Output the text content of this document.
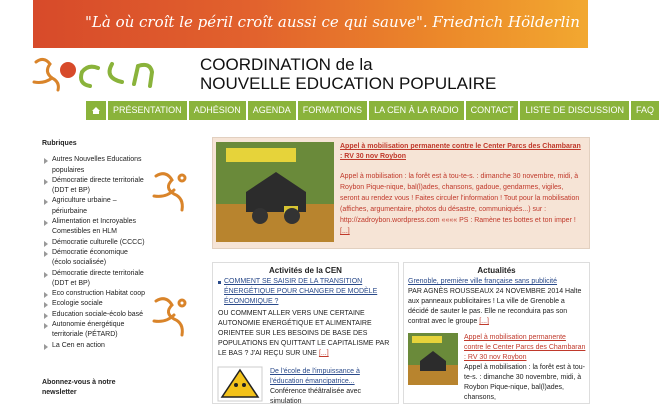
"Là où croît le péril croît aussi ce qui sauve". Friedrich Hölderlin
CEN
COORDINATION de la
NOUVELLE EDUCATION POPULAIRE
PRÉSENTATION	ADHÉSION	AGENDA	FORMATIONS	LA CEN À LA RADIO	CONTACT	LISTE DE DISCUSSION	FAQ
Rubriques
Autres Nouvelles Educations populaires
Démocratie directe territoriale (DDT et BP)
Agriculture urbaine – périurbaine
Alimentation et Incroyables Comestibles en HLM
Démocratie culturelle (CCCC)
Démocratie économique (écolo socialisée)
Démocratie directe territoriale (DDT et BP)
Eco construction Habitat coop
Ecologie sociale
Education sociale-écolo basé
Autonomie énergétique territoriale (PÉTARD)
La Cen en action
Abonnez-vous à notre newsletter
Appel à mobilisation permanente contre le Center Parcs des Chambaran : RV 30 nov Roybon
Appel à mobilisation : la forêt est à tou-te-s. : dimanche 30 novembre, midi, à Roybon Pique-nique, bal(l)ades, chansons, gadoue, gendarmes, vigiles, seront au rendez vous ! Faites circuler l'information ! Tout pour la mobilisation (affiches, argumentaire, photos du désastre, communiqués...) sur : http://zadroybon.wordpress.com «««« PS : Ramène tes bottes et ton imper ! [...]
Activités de la CEN
COMMENT SE SAISIR DE LA TRANSITION ÉNERGÉTIQUE POUR CHANGER DE MODÈLE ÉCONOMIQUE ?
OU COMMENT ALLER VERS UNE CERTAINE AUTONOMIE ENERGÉTIQUE ET ALIMENTAIRE ORIENTEE SUR LES BESOINS DE BASE DES POPULATIONS EN QUITTANT LE CAPITALISME PAR LE BAS ? J'AI REÇU SUR UNE [...]
De l'école de l'impuissance à l'éducation émancipatrice...
Conférence théâtralisée avec simulation
Actualités
Grenoble, première ville française sans publicité
PAR AGNÈS ROUSSEAUX 24 NOVEMBRE 2014 Halte aux panneaux publicitaires ! La ville de Grenoble a décidé de sauter le pas. Elle ne reconduira pas son contrat avec le groupe [...]
Appel à mobilisation permanente contre le Center Parcs des Chambaran : RV 30 nov Roybon
Appel à mobilisation : la forêt est à tou-te-s. : dimanche 30 novembre, midi, à Roybon Pique-nique, bal(l)ades, chansons,
